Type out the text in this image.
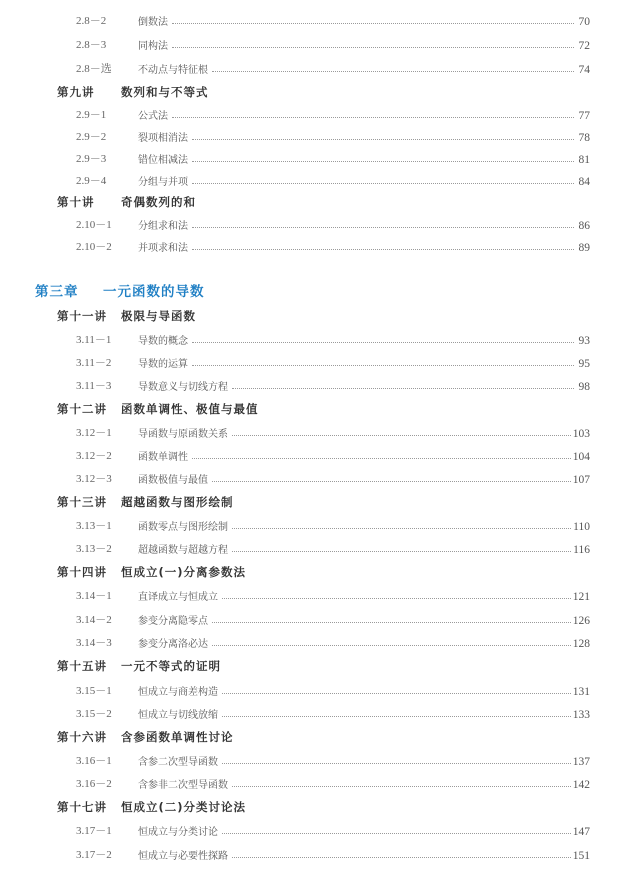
2.8－2	倒数法	70
2.8－3	同构法	72
2.8－选	不动点与特征根	74
第九讲	数列和与不等式
2.9－1	公式法	77
2.9－2	裂项相消法	78
2.9－3	错位相减法	81
2.9－4	分组与并项	84
第十讲	奇偶数列的和
2.10－1	分组求和法	86
2.10－2	并项求和法	89
第三章	一元函数的导数
第十一讲	极限与导函数
3.11－1	导数的概念	93
3.11－2	导数的运算	95
3.11－3	导数意义与切线方程	98
第十二讲	函数单调性、极值与最值
3.12－1	导函数与原函数关系	103
3.12－2	函数单调性	104
3.12－3	函数极值与最值	107
第十三讲	超越函数与图形绘制
3.13－1	函数零点与图形绘制	110
3.13－2	超越函数与超越方程	116
第十四讲	恒成立(一)分离参数法
3.14－1	直译成立与恒成立	121
3.14－2	参变分离隐零点	126
3.14－3	参变分离洛必达	128
第十五讲	一元不等式的证明
3.15－1	恒成立与商差构造	131
3.15－2	恒成立与切线放缩	133
第十六讲	含参函数单调性讨论
3.16－1	含参二次型导函数	137
3.16－2	含参非二次型导函数	142
第十七讲	恒成立(二)分类讨论法
3.17－1	恒成立与分类讨论	147
3.17－2	恒成立与必要性探路	151
